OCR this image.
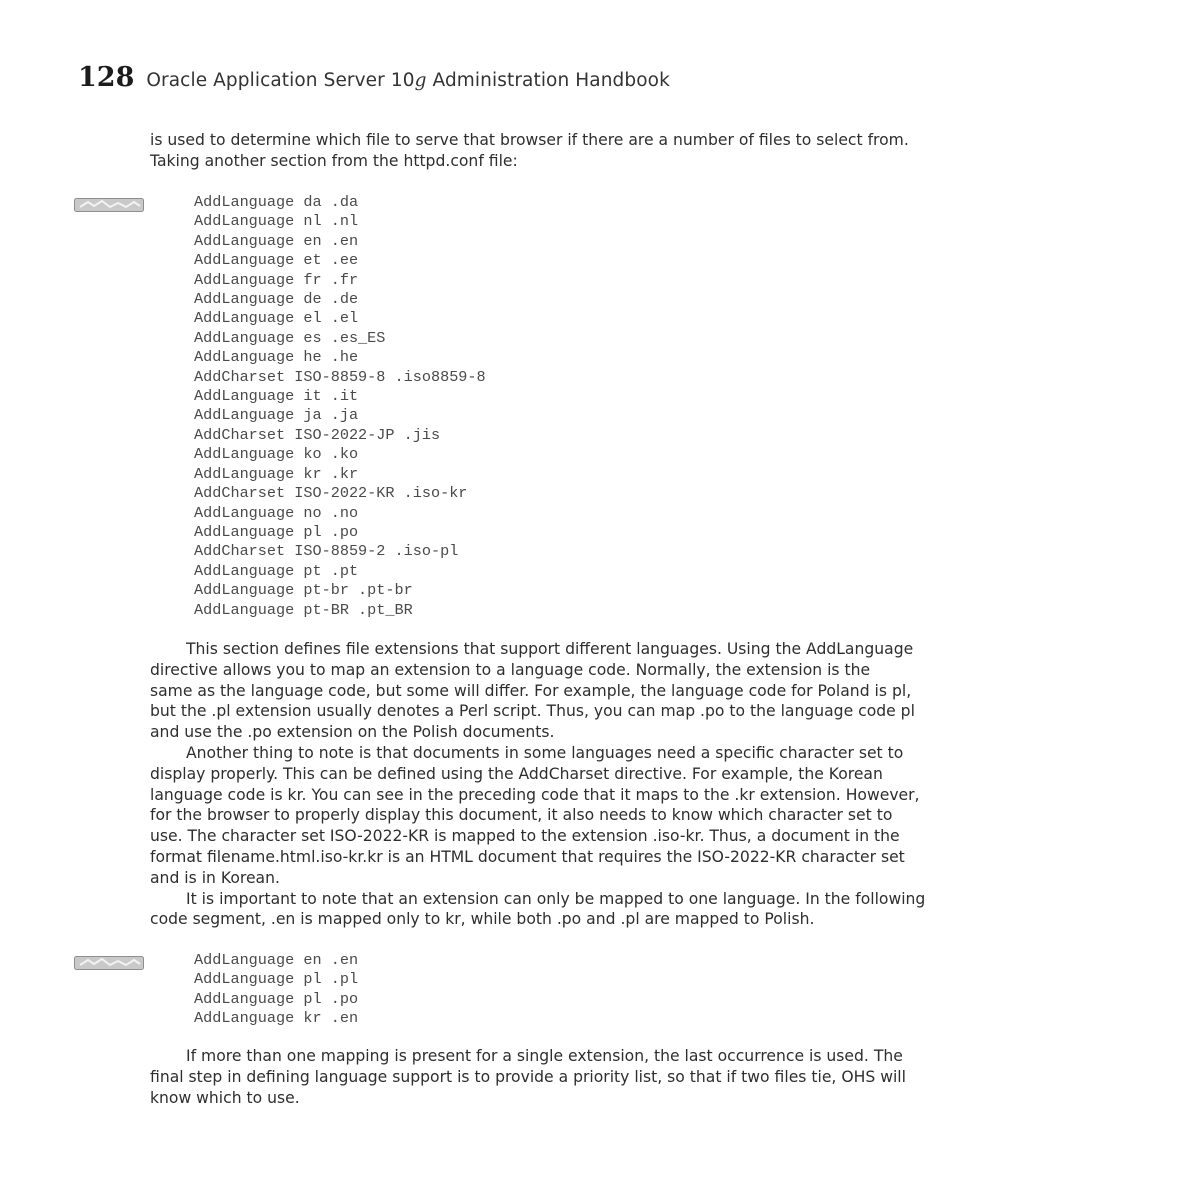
128 Oracle Application Server 10g Administration Handbook

is used to determine which file to serve that browser if there are a number of files to select from.

Taking another section from the httpd.conf file:

AddLanguage da .da
AddLanguage nl .nl
AddLanguage en .en
AddLanguage et .ee
AddLanguage fr .fr
AddLanguage de .de
AddLanguage el .el
AddLanguage es .es_ES
AddLanguage he .he
AddCharset ISO-8859-8 .iso8859-8
AddLanguage it .it
AddLanguage ja .ja
AddCharset ISO-2022-JP .jis
AddLanguage ko .ko
AddLanguage kr .kr
AddCharset ISO-2022-KR .iso-kr
AddLanguage no .no
AddLanguage pl .po
AddCharset ISO-8859-2 .iso-pl
AddLanguage pt .pt
AddLanguage pt-br .pt-br
AddLanguage pt-BR .pt_BR

This section defines file extensions that support different languages. Using the AddLanguage
directive allows you to map an extension to a language code. Normally, the extension is the
same as the language code, but some will differ. For example, the language code for Poland is pl,
but the .pl extension usually denotes a Perl script. Thus, you can map .po to the language code pl
and use the .po extension on the Polish documents.

Another thing to note is that documents in some languages need a specific character set to
display properly. This can be defined using the AddCharset directive. For example, the Korean
language code is kr. You can see in the preceding code that it maps to the .kr extension. However,
for the browser to properly display this document, it also needs to know which character set to
use. The character set ISO-2022-KR is mapped to the extension .iso-kr. Thus, a document in the
format filename.html.iso-kr.kr is an HTML document that requires the ISO-2022-KR character set
and is in Korean.

It is important to note that an extension can only be mapped to one language. In the following
code segment, .en is mapped only to kr, while both .po and .pl are mapped to Polish.

AddLanguage en .en
AddLanguage pl .pl
AddLanguage pl .po
AddLanguage kr .en

If more than one mapping is present for a single extension, the last occurrence is used. The
final step in defining language support is to provide a priority list, so that if two files tie, OHS will
know which to use.
